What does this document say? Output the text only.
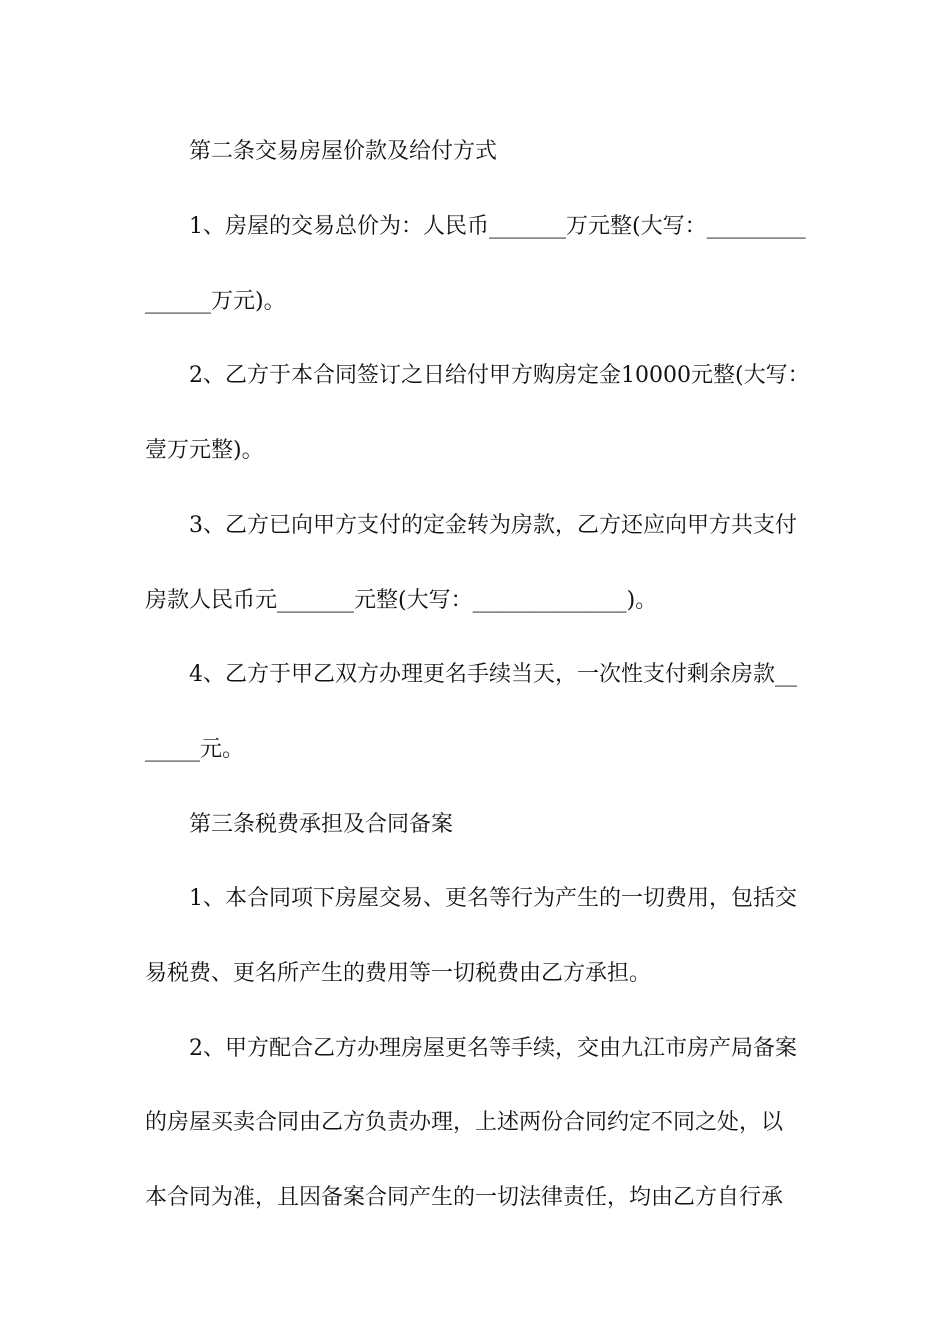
第二条交易房屋价款及给付方式
1、房屋的交易总价为：人民币_______万元整(大写：_________
______万元)。
2、乙方于本合同签订之日给付甲方购房定金10000元整(大写：
壹万元整)。
3、乙方已向甲方支付的定金转为房款，乙方还应向甲方共支付
房款人民币元_______元整(大写：______________)。
4、乙方于甲乙双方办理更名手续当天，一次性支付剩余房款__
_____元。
第三条税费承担及合同备案
1、本合同项下房屋交易、更名等行为产生的一切费用，包括交
易税费、更名所产生的费用等一切税费由乙方承担。
2、甲方配合乙方办理房屋更名等手续，交由九江市房产局备案
的房屋买卖合同由乙方负责办理，上述两份合同约定不同之处，以
本合同为准，且因备案合同产生的一切法律责任，均由乙方自行承
